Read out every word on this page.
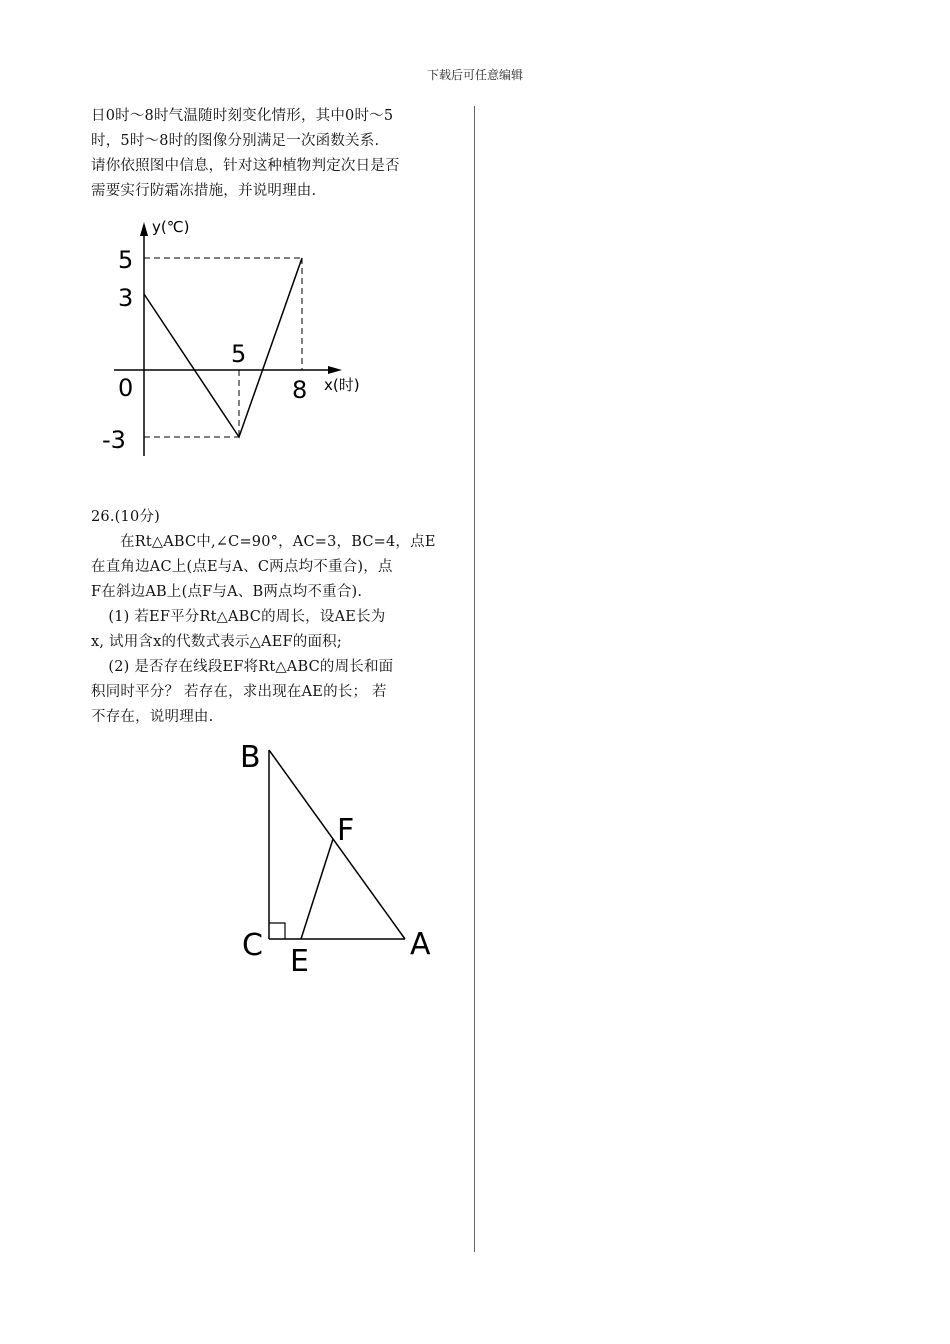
下载后可任意编辑

日0时～8时气温随时刻变化情形，其中0时～5

时，5时～8时的图像分别满足一次函数关系.

请你依照图中信息，针对这种植物判定次日是否

需要实行防霜冻措施，并说明理由.

y(℃)
5
3
0
-3
5
8 x(时)

26.(10分)

在Rt△ABC中,∠C=90°，AC=3，BC=4，点E

在直角边AC上(点E与A、C两点均不重合)，点

F在斜边AB上(点F与A、B两点均不重合).

(1) 若EF平分Rt△ABC的周长，设AE长为

x, 试用含x的代数式表示△AEF的面积;

(2) 是否存在线段EF将Rt△ABC的周长和面

积同时平分？ 若存在，求出现在AE的长； 若

不存在，说明理由.

B
C E	A
F
